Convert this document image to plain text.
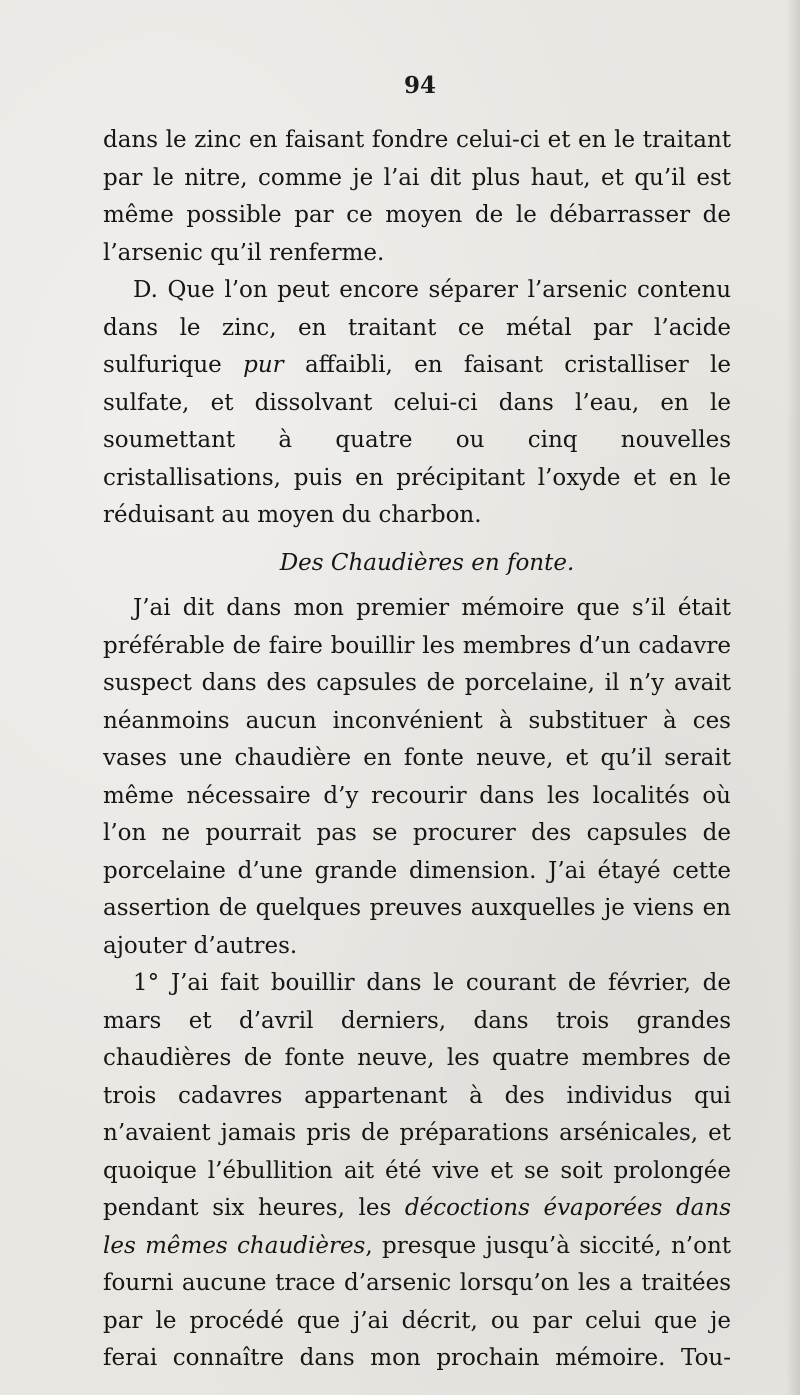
94

dans le zinc en faisant fondre celui-ci et en le traitant par le nitre, comme je l’ai dit plus haut, et qu’il est même possible par ce moyen de le débarrasser de l’arsenic qu’il renferme.

D. Que l’on peut encore séparer l’arsenic contenu dans le zinc, en traitant ce métal par l’acide sulfurique pur affaibli, en faisant cristalliser le sulfate, et dissolvant celui-ci dans l’eau, en le soumettant à quatre ou cinq nouvelles cristallisations, puis en précipitant l’oxyde et en le réduisant au moyen du charbon.

Des Chaudières en fonte.

J’ai dit dans mon premier mémoire que s’il était préférable de faire bouillir les membres d’un cadavre suspect dans des capsules de porcelaine, il n’y avait néanmoins aucun inconvénient à substituer à ces vases une chaudière en fonte neuve, et qu’il serait même nécessaire d’y recourir dans les localités où l’on ne pourrait pas se procurer des capsules de porcelaine d’une grande dimension. J’ai étayé cette assertion de quelques preuves auxquelles je viens en ajouter d’autres.

1° J’ai fait bouillir dans le courant de février, de mars et d’avril derniers, dans trois grandes chaudières de fonte neuve, les quatre membres de trois cadavres appartenant à des individus qui n’avaient jamais pris de préparations arsénicales, et quoique l’ébullition ait été vive et se soit prolongée pendant six heures, les décoctions évaporées dans les mêmes chaudières, presque jusqu’à siccité, n’ont fourni aucune trace d’arsenic lorsqu’on les a traitées par le procédé que j’ai décrit, ou par celui que je ferai connaître dans mon prochain mémoire. Tou-
